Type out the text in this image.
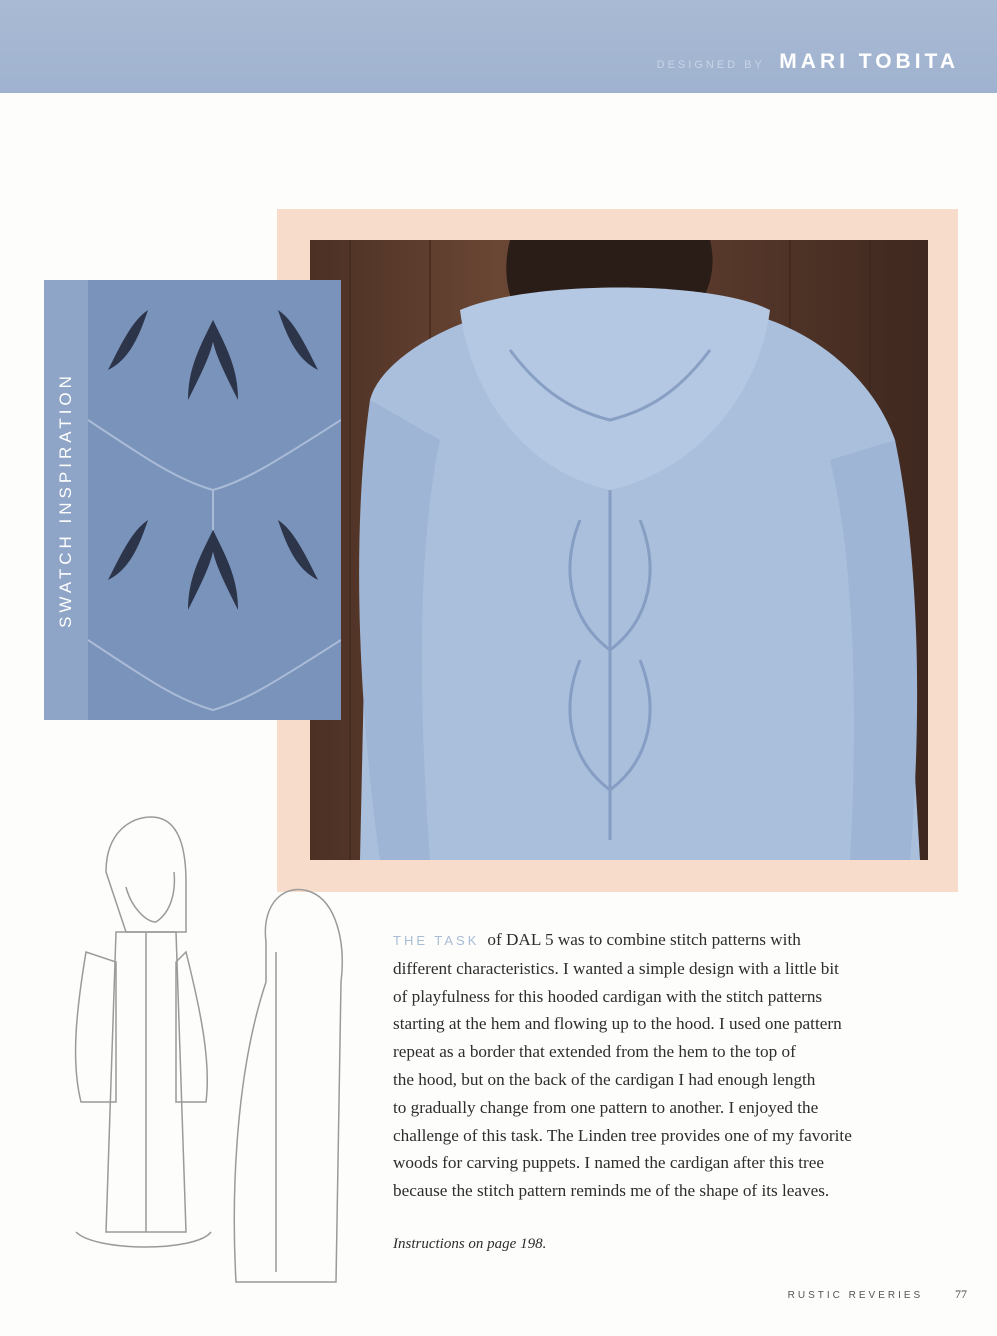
DESIGNED BY MARI TOBITA
SWATCH INSPIRATION
THE TASK of DAL 5 was to combine stitch patterns with
different characteristics. I wanted a simple design with a little bit
of playfulness for this hooded cardigan with the stitch patterns
starting at the hem and flowing up to the hood. I used one pattern
repeat as a border that extended from the hem to the top of
the hood, but on the back of the cardigan I had enough length
to gradually change from one pattern to another. I enjoyed the
challenge of this task. The Linden tree provides one of my favorite
woods for carving puppets. I named the cardigan after this tree
because the stitch pattern reminds me of the shape of its leaves.
Instructions on page 198.
RUSTIC REVERIES	77
